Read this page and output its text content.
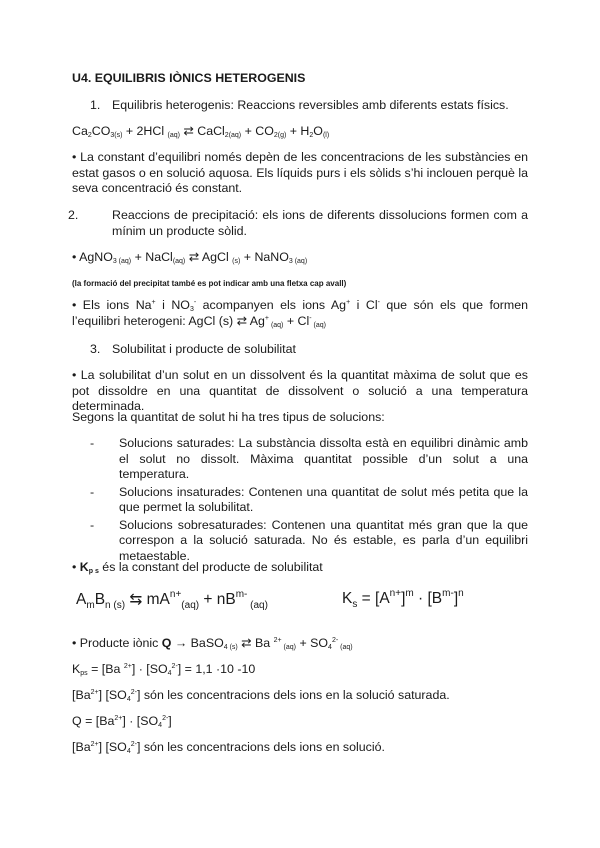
U4. EQUILIBRIS IÒNICS HETEROGENIS

1. Equilibris heterogenis: Reaccions reversibles amb diferents estats físics.

$Ca_2CO_{3(s)} + 2HCl$ $_{(aq)}$ ⇄ CaCl$_{2(aq)}$ + $CO_{2(g)} + H_2O_{(l)}$

• La constant d’equilibri només depèn de les concentracions de les substàncies en estat gasos o en solució aquosa. Els líquids purs i els sòlids s’hi inclouen perquè la seva concentració és constant.

2.	Reaccions de precipitació: els ions de diferents dissolucions formen com a mínim un producte sòlid.

• AgNO$_{3 (aq)}$ + NaCl$_{(aq)}$ ⇄ AgCl $_{(s)}$ + NaNO$_{3 (aq)}$

(la formació del precipitat també es pot indicar amb una fletxa cap avall)

• Els ions Na+ i $NO_3^-$ acompanyen els ions Ag+ i Cl- que són els que formen l’equilibri heterogeni: AgCl (s) ⇄ Ag+ $_{(aq)}$ + Cl- $_{(aq)}$

3. Solubilitat i producte de solubilitat

• La solubilitat d’un solut en un dissolvent és la quantitat màxima de solut que es pot dissoldre en una quantitat de dissolvent o solució a una temperatura determinada.

Segons la quantitat de solut hi ha tres tipus de solucions:

- Solucions saturades: La substància dissolta està en equilibri dinàmic amb el solut no dissolt. Màxima quantitat possible d’un solut a una temperatura.
- Solucions insaturades: Contenen una quantitat de solut més petita que la que permet la solubilitat.
- Solucions sobresaturades: Contenen una quantitat més gran que la que correspon a la solució saturada. No és estable, es parla d’un equilibri metaestable.

• $K_{p s}$ és la constant del producte de solubilitat

$A_mB_{n (s)}$ ⇆ $mA^{n+}_{(aq)} + nB^{m-}$ $_{(aq)}$	$K_s = [A^{n+}]^m \cdot [B^{m-}]^n$

• Producte iònic Q → BaSO$_{4 (s)}$ ⇄ Ba $^{2+}$ $_{(aq)} + SO_4^{2-}$ $_{(aq)}$

$K_{ps} = [Ba$ $^{2+}] \cdot [SO_4^{2-}] = 1,1 \cdot 10$ -10

$[Ba^{2+}]$ $[SO_4^{2-}]$ són les concentracions dels ions en la solució saturada.

$Q = [Ba^{2+}] \cdot [SO_4^{2-}]$

$[Ba^{2+}]$ $[SO_4^{2-}]$ són les concentracions dels ions en solució.
